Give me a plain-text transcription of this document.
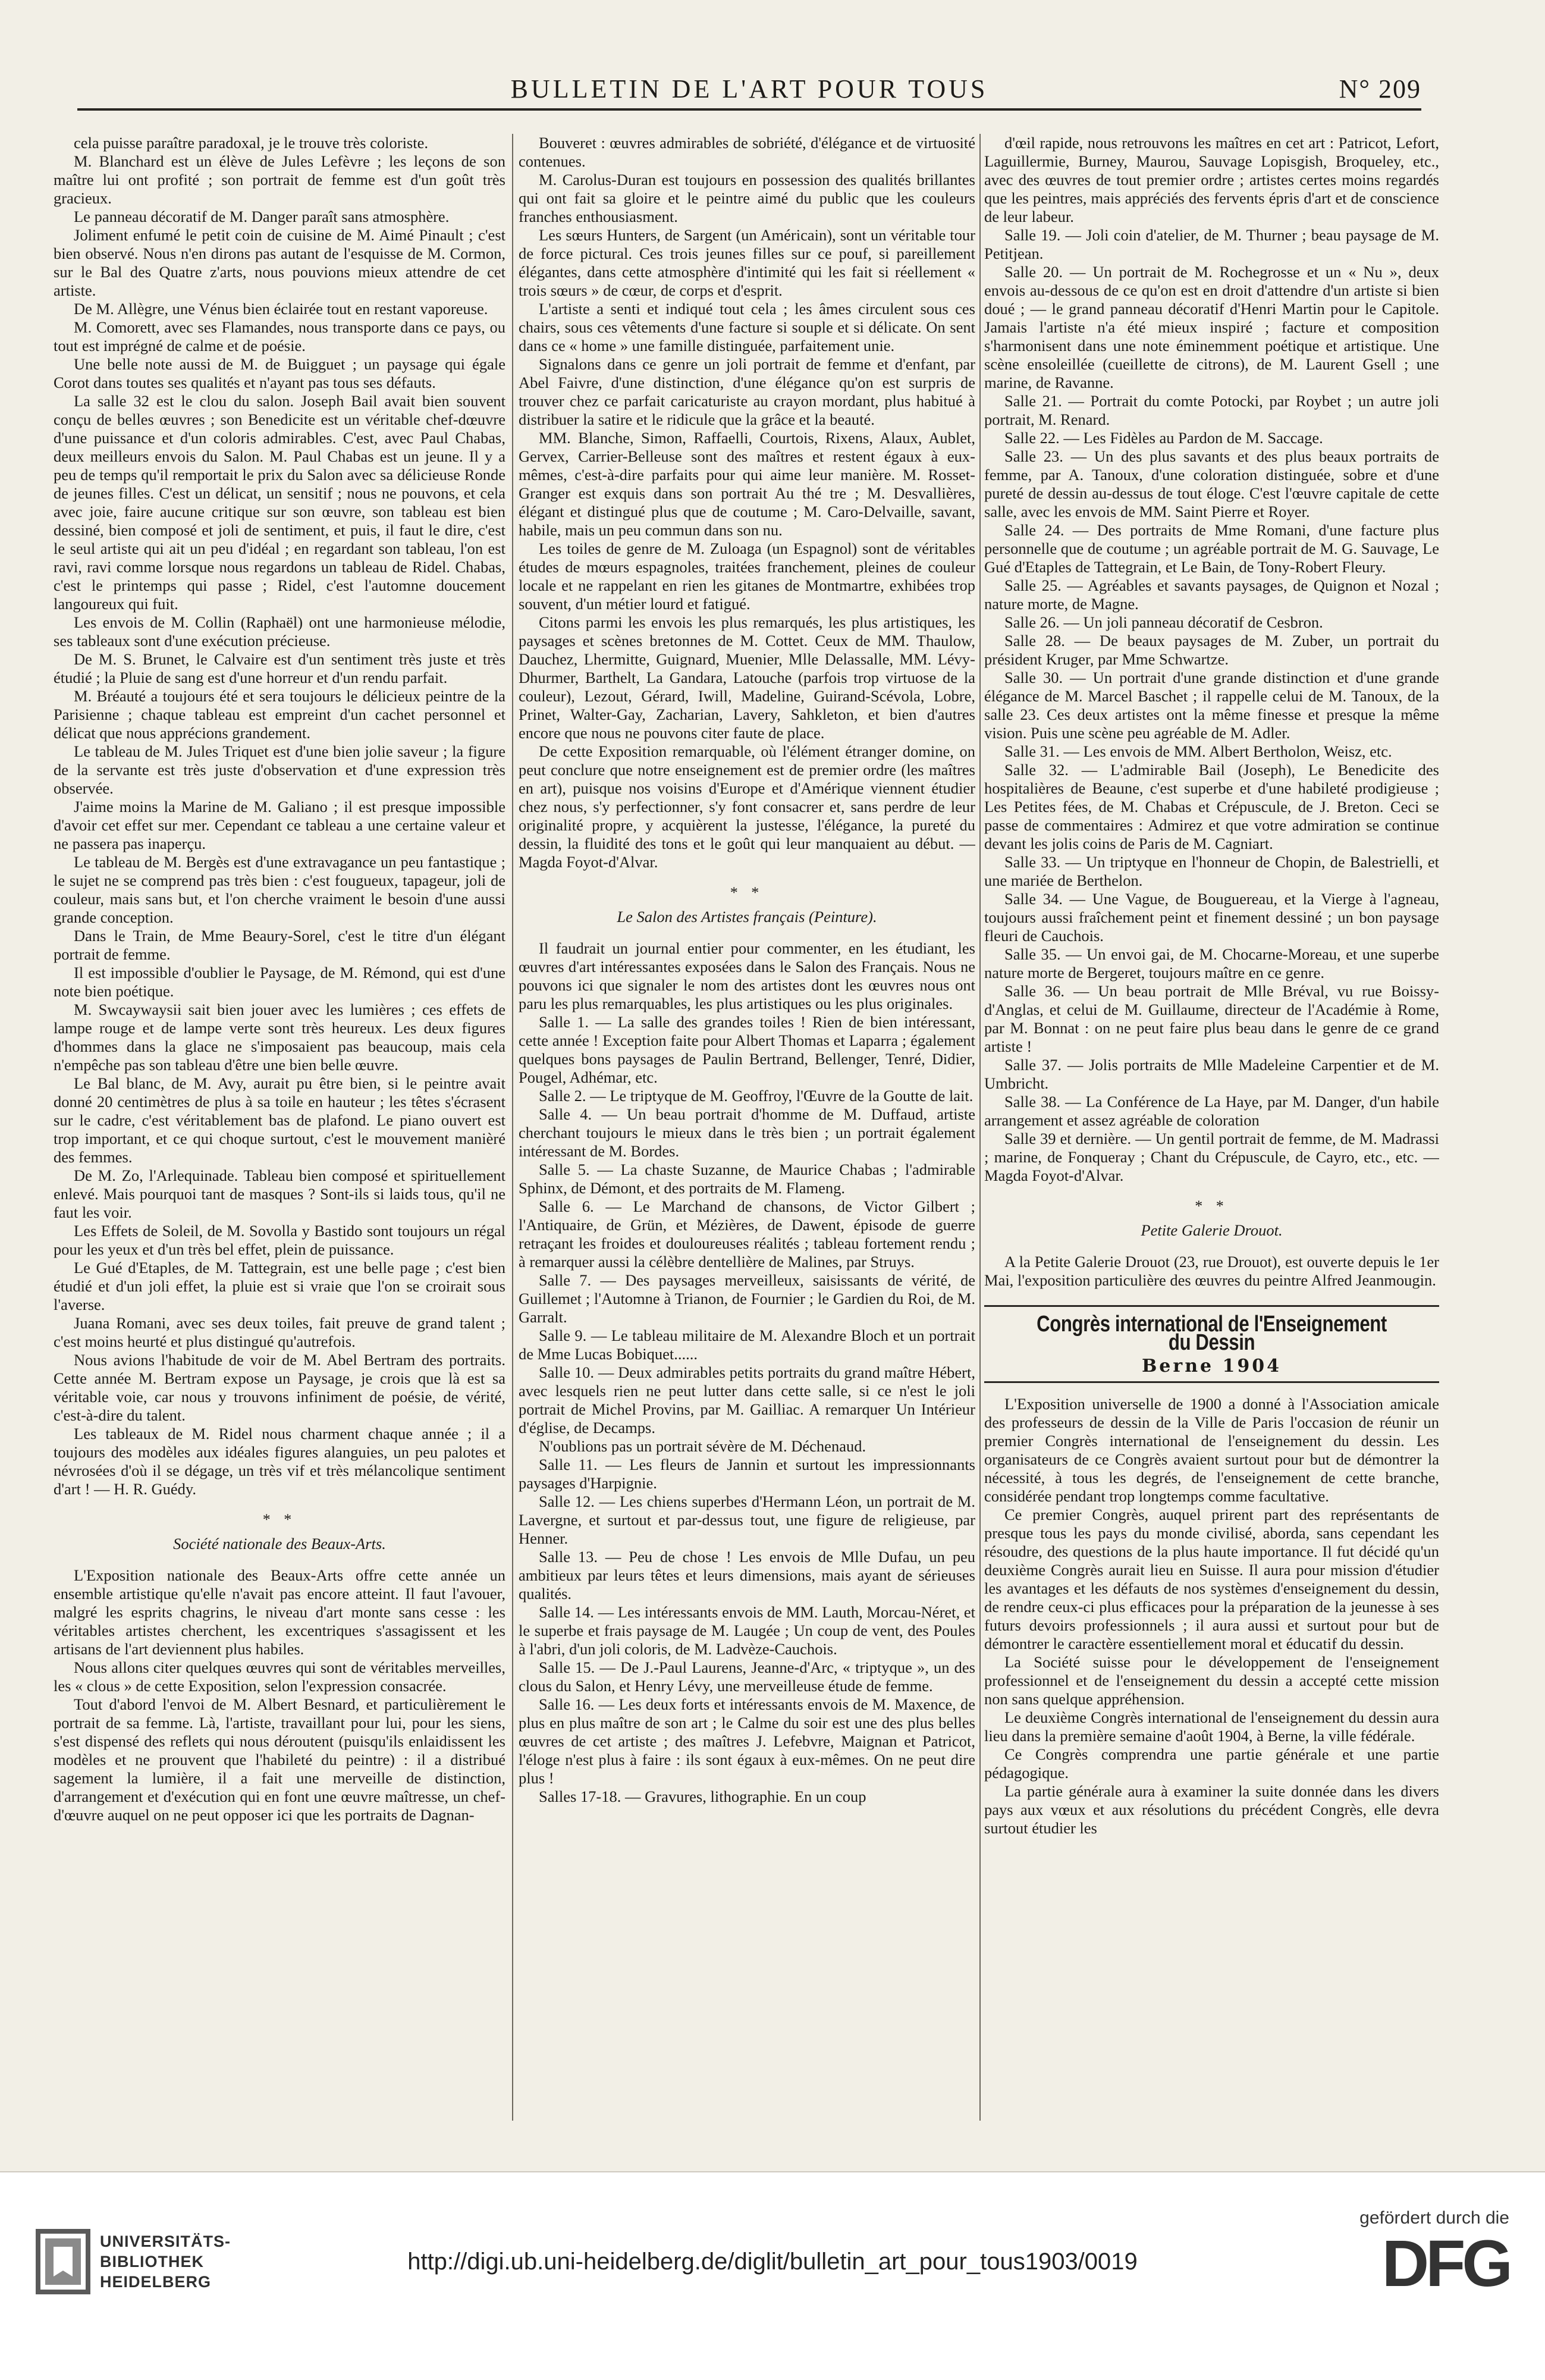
BULLETIN DE L'ART POUR TOUS	N° 209

cela puisse paraître paradoxal, je le trouve très coloriste.

M. Blanchard est un élève de Jules Lefèvre ; les leçons de son maître lui ont profité ; son portrait de femme est d'un goût très gracieux.

Le panneau décoratif de M. Danger paraît sans atmosphère.

Joliment enfumé le petit coin de cuisine de M. Aimé Pinault ; c'est bien observé. Nous n'en dirons pas autant de l'esquisse de M. Cormon, sur le Bal des Quatre z'arts, nous pouvions mieux attendre de cet artiste.

De M. Allègre, une Vénus bien éclairée tout en restant vaporeuse.

M. Comorett, avec ses Flamandes, nous transporte dans ce pays, ou tout est imprégné de calme et de poésie.

Une belle note aussi de M. de Buigguet ; un paysage qui égale Corot dans toutes ses qualités et n'ayant pas tous ses défauts.

La salle 32 est le clou du salon. Joseph Bail avait bien souvent conçu de belles œuvres ; son Benedicite est un véritable chef-dœuvre d'une puissance et d'un coloris admirables. C'est, avec Paul Chabas, deux meilleurs envois du Salon. M. Paul Chabas est un jeune. Il y a peu de temps qu'il remportait le prix du Salon avec sa délicieuse Ronde de jeunes filles. C'est un délicat, un sensitif ; nous ne pouvons, et cela avec joie, faire aucune critique sur son œuvre, son tableau est bien dessiné, bien composé et joli de sentiment, et puis, il faut le dire, c'est le seul artiste qui ait un peu d'idéal ; en regardant son tableau, l'on est ravi, ravi comme lorsque nous regardons un tableau de Ridel. Chabas, c'est le printemps qui passe ; Ridel, c'est l'automne doucement langoureux qui fuit.

Les envois de M. Collin (Raphaël) ont une harmonieuse mélodie, ses tableaux sont d'une exécution précieuse.

De M. S. Brunet, le Calvaire est d'un sentiment très juste et très étudié ; la Pluie de sang est d'une horreur et d'un rendu parfait.

M. Bréauté a toujours été et sera toujours le délicieux peintre de la Parisienne ; chaque tableau est empreint d'un cachet personnel et délicat que nous apprécions grandement.

Le tableau de M. Jules Triquet est d'une bien jolie saveur ; la figure de la servante est très juste d'observation et d'une expression très observée.

J'aime moins la Marine de M. Galiano ; il est presque impossible d'avoir cet effet sur mer. Cependant ce tableau a une certaine valeur et ne passera pas inaperçu.

Le tableau de M. Bergès est d'une extravagance un peu fantastique ; le sujet ne se comprend pas très bien : c'est fougueux, tapageur, joli de couleur, mais sans but, et l'on cherche vraiment le besoin d'une aussi grande conception.

Dans le Train, de Mme Beaury-Sorel, c'est le titre d'un élégant portrait de femme.

Il est impossible d'oublier le Paysage, de M. Rémond, qui est d'une note bien poétique.

M. Swcaywaysii sait bien jouer avec les lumières ; ces effets de lampe rouge et de lampe verte sont très heureux. Les deux figures d'hommes dans la glace ne s'imposaient pas beaucoup, mais cela n'empêche pas son tableau d'être une bien belle œuvre.

Le Bal blanc, de M. Avy, aurait pu être bien, si le peintre avait donné 20 centimètres de plus à sa toile en hauteur ; les têtes s'écrasent sur le cadre, c'est véritablement bas de plafond. Le piano ouvert est trop important, et ce qui choque surtout, c'est le mouvement manièré des femmes.

De M. Zo, l'Arlequinade. Tableau bien composé et spirituellement enlevé. Mais pourquoi tant de masques ? Sont-ils si laids tous, qu'il ne faut les voir.

Les Effets de Soleil, de M. Sovolla y Bastido sont toujours un régal pour les yeux et d'un très bel effet, plein de puissance.

Le Gué d'Etaples, de M. Tattegrain, est une belle page ; c'est bien étudié et d'un joli effet, la pluie est si vraie que l'on se croirait sous l'averse.

Juana Romani, avec ses deux toiles, fait preuve de grand talent ; c'est moins heurté et plus distingué qu'autrefois.

Nous avions l'habitude de voir de M. Abel Bertram des portraits. Cette année M. Bertram expose un Paysage, je crois que là est sa véritable voie, car nous y trouvons infiniment de poésie, de vérité, c'est-à-dire du talent.

Les tableaux de M. Ridel nous charment chaque année ; il a toujours des modèles aux idéales figures alanguies, un peu palotes et névrosées d'où il se dégage, un très vif et très mélancolique sentiment d'art ! — H. R. Guédy.

* *
Société nationale des Beaux-Arts.

L'Exposition nationale des Beaux-Arts offre cette année un ensemble artistique qu'elle n'avait pas encore atteint. Il faut l'avouer, malgré les esprits chagrins, le niveau d'art monte sans cesse : les véritables artistes cherchent, les excentriques s'assagissent et les artisans de l'art deviennent plus habiles.

Nous allons citer quelques œuvres qui sont de véritables merveilles, les « clous » de cette Exposition, selon l'expression consacrée.

Tout d'abord l'envoi de M. Albert Besnard, et particulièrement le portrait de sa femme. Là, l'artiste, travaillant pour lui, pour les siens, s'est dispensé des reflets qui nous déroutent (puisqu'ils enlaidissent les modèles et ne prouvent que l'habileté du peintre) : il a distribué sagement la lumière, il a fait une merveille de distinction, d'arrangement et d'exécution qui en font une œuvre maîtresse, un chef-d'œuvre auquel on ne peut opposer ici que les portraits de Dagnan-

Bouveret : œuvres admirables de sobriété, d'élégance et de virtuosité contenues.

M. Carolus-Duran est toujours en possession des qualités brillantes qui ont fait sa gloire et le peintre aimé du public que les couleurs franches enthousiasment.

Les sœurs Hunters, de Sargent (un Américain), sont un véritable tour de force pictural. Ces trois jeunes filles sur ce pouf, si pareillement élégantes, dans cette atmosphère d'intimité qui les fait si réellement « trois sœurs » de cœur, de corps et d'esprit.

L'artiste a senti et indiqué tout cela ; les âmes circulent sous ces chairs, sous ces vêtements d'une facture si souple et si délicate. On sent dans ce « home » une famille distinguée, parfaitement unie.

Signalons dans ce genre un joli portrait de femme et d'enfant, par Abel Faivre, d'une distinction, d'une élégance qu'on est surpris de trouver chez ce parfait caricaturiste au crayon mordant, plus habitué à distribuer la satire et le ridicule que la grâce et la beauté.

MM. Blanche, Simon, Raffaelli, Courtois, Rixens, Alaux, Aublet, Gervex, Carrier-Belleuse sont des maîtres et restent égaux à eux-mêmes, c'est-à-dire parfaits pour qui aime leur manière. M. Rosset-Granger est exquis dans son portrait Au thé tre ; M. Desvallières, élégant et distingué plus que de coutume ; M. Caro-Delvaille, savant, habile, mais un peu commun dans son nu.

Les toiles de genre de M. Zuloaga (un Espagnol) sont de véritables études de mœurs espagnoles, traitées franchement, pleines de couleur locale et ne rappelant en rien les gitanes de Montmartre, exhibées trop souvent, d'un métier lourd et fatigué.

Citons parmi les envois les plus remarqués, les plus artistiques, les paysages et scènes bretonnes de M. Cottet. Ceux de MM. Thaulow, Dauchez, Lhermitte, Guignard, Muenier, Mlle Delassalle, MM. Lévy-Dhurmer, Barthelt, La Gandara, Latouche (parfois trop virtuose de la couleur), Lezout, Gérard, Iwill, Madeline, Guirand-Scévola, Lobre, Prinet, Walter-Gay, Zacharian, Lavery, Sahkleton, et bien d'autres encore que nous ne pouvons citer faute de place.

De cette Exposition remarquable, où l'élément étranger domine, on peut conclure que notre enseignement est de premier ordre (les maîtres en art), puisque nos voisins d'Europe et d'Amérique viennent étudier chez nous, s'y perfectionner, s'y font consacrer et, sans perdre de leur originalité propre, y acquièrent la justesse, l'élégance, la pureté du dessin, la fluidité des tons et le goût qui leur manquaient au début. — Magda Foyot-d'Alvar.

* *
Le Salon des Artistes français (Peinture).

Il faudrait un journal entier pour commenter, en les étudiant, les œuvres d'art intéressantes exposées dans le Salon des Français. Nous ne pouvons ici que signaler le nom des artistes dont les œuvres nous ont paru les plus remarquables, les plus artistiques ou les plus originales.

Salle 1. — La salle des grandes toiles ! Rien de bien intéressant, cette année ! Exception faite pour Albert Thomas et Laparra ; également quelques bons paysages de Paulin Bertrand, Bellenger, Tenré, Didier, Pougel, Adhémar, etc.

Salle 2. — Le triptyque de M. Geoffroy, l'Œuvre de la Goutte de lait.

Salle 4. — Un beau portrait d'homme de M. Duffaud, artiste cherchant toujours le mieux dans le très bien ; un portrait également intéressant de M. Bordes.

Salle 5. — La chaste Suzanne, de Maurice Chabas ; l'admirable Sphinx, de Démont, et des portraits de M. Flameng.

Salle 6. — Le Marchand de chansons, de Victor Gilbert ; l'Antiquaire, de Grün, et Mézières, de Dawent, épisode de guerre retraçant les froides et douloureuses réalités ; tableau fortement rendu ; à remarquer aussi la célèbre dentellière de Malines, par Struys.

Salle 7. — Des paysages merveilleux, saisissants de vérité, de Guillemet ; l'Automne à Trianon, de Fournier ; le Gardien du Roi, de M. Garralt.

Salle 9. — Le tableau militaire de M. Alexandre Bloch et un portrait de Mme Lucas Bobiquet......

Salle 10. — Deux admirables petits portraits du grand maître Hébert, avec lesquels rien ne peut lutter dans cette salle, si ce n'est le joli portrait de Michel Provins, par M. Gailliac. A remarquer Un Intérieur d'église, de Decamps.

N'oublions pas un portrait sévère de M. Déchenaud.

Salle 11. — Les fleurs de Jannin et surtout les impressionnants paysages d'Harpignie.

Salle 12. — Les chiens superbes d'Hermann Léon, un portrait de M. Lavergne, et surtout et par-dessus tout, une figure de religieuse, par Henner.

Salle 13. — Peu de chose ! Les envois de Mlle Dufau, un peu ambitieux par leurs têtes et leurs dimensions, mais ayant de sérieuses qualités.

Salle 14. — Les intéressants envois de MM. Lauth, Morcau-Néret, et le superbe et frais paysage de M. Laugée ; Un coup de vent, des Poules à l'abri, d'un joli coloris, de M. Ladvèze-Cauchois.

Salle 15. — De J.-Paul Laurens, Jeanne-d'Arc, « triptyque », un des clous du Salon, et Henry Lévy, une merveilleuse étude de femme.

Salle 16. — Les deux forts et intéressants envois de M. Maxence, de plus en plus maître de son art ; le Calme du soir est une des plus belles œuvres de cet artiste ; des maîtres J. Lefebvre, Maignan et Patricot, l'éloge n'est plus à faire : ils sont égaux à eux-mêmes. On ne peut dire plus !

Salles 17-18. — Gravures, lithographie. En un coup

d'œil rapide, nous retrouvons les maîtres en cet art : Patricot, Lefort, Laguillermie, Burney, Maurou, Sauvage Lopisgish, Broqueley, etc., avec des œuvres de tout premier ordre ; artistes certes moins regardés que les peintres, mais appréciés des fervents épris d'art et de conscience de leur labeur.

Salle 19. — Joli coin d'atelier, de M. Thurner ; beau paysage de M. Petitjean.

Salle 20. — Un portrait de M. Rochegrosse et un « Nu », deux envois au-dessous de ce qu'on est en droit d'attendre d'un artiste si bien doué ; — le grand panneau décoratif d'Henri Martin pour le Capitole. Jamais l'artiste n'a été mieux inspiré ; facture et composition s'harmonisent dans une note éminemment poétique et artistique. Une scène ensoleillée (cueillette de citrons), de M. Laurent Gsell ; une marine, de Ravanne.

Salle 21. — Portrait du comte Potocki, par Roybet ; un autre joli portrait, M. Renard.

Salle 22. — Les Fidèles au Pardon de M. Saccage.

Salle 23. — Un des plus savants et des plus beaux portraits de femme, par A. Tanoux, d'une coloration distinguée, sobre et d'une pureté de dessin au-dessus de tout éloge. C'est l'œuvre capitale de cette salle, avec les envois de MM. Saint Pierre et Royer.

Salle 24. — Des portraits de Mme Romani, d'une facture plus personnelle que de coutume ; un agréable portrait de M. G. Sauvage, Le Gué d'Etaples de Tattegrain, et Le Bain, de Tony-Robert Fleury.

Salle 25. — Agréables et savants paysages, de Quignon et Nozal ; nature morte, de Magne.

Salle 26. — Un joli panneau décoratif de Cesbron.

Salle 28. — De beaux paysages de M. Zuber, un portrait du président Kruger, par Mme Schwartze.

Salle 30. — Un portrait d'une grande distinction et d'une grande élégance de M. Marcel Baschet ; il rappelle celui de M. Tanoux, de la salle 23. Ces deux artistes ont la même finesse et presque la même vision. Puis une scène peu agréable de M. Adler.

Salle 31. — Les envois de MM. Albert Bertholon, Weisz, etc.

Salle 32. — L'admirable Bail (Joseph), Le Benedicite des hospitalières de Beaune, c'est superbe et d'une habileté prodigieuse ; Les Petites fées, de M. Chabas et Crépuscule, de J. Breton. Ceci se passe de commentaires : Admirez et que votre admiration se continue devant les jolis coins de Paris de M. Cagniart.

Salle 33. — Un triptyque en l'honneur de Chopin, de Balestrielli, et une mariée de Berthelon.

Salle 34. — Une Vague, de Bouguereau, et la Vierge à l'agneau, toujours aussi fraîchement peint et finement dessiné ; un bon paysage fleuri de Cauchois.

Salle 35. — Un envoi gai, de M. Chocarne-Moreau, et une superbe nature morte de Bergeret, toujours maître en ce genre.

Salle 36. — Un beau portrait de Mlle Bréval, vu rue Boissy-d'Anglas, et celui de M. Guillaume, directeur de l'Académie à Rome, par M. Bonnat : on ne peut faire plus beau dans le genre de ce grand artiste !

Salle 37. — Jolis portraits de Mlle Madeleine Carpentier et de M. Umbricht.

Salle 38. — La Conférence de La Haye, par M. Danger, d'un habile arrangement et assez agréable de coloration

Salle 39 et dernière. — Un gentil portrait de femme, de M. Madrassi ; marine, de Fonqueray ; Chant du Crépuscule, de Cayro, etc., etc. — Magda Foyot-d'Alvar.

* *
Petite Galerie Drouot.

A la Petite Galerie Drouot (23, rue Drouot), est ouverte depuis le 1er Mai, l'exposition particulière des œuvres du peintre Alfred Jeanmougin.

Congrès international de l'Enseignement du Dessin
Berne 1904

L'Exposition universelle de 1900 a donné à l'Association amicale des professeurs de dessin de la Ville de Paris l'occasion de réunir un premier Congrès international de l'enseignement du dessin. Les organisateurs de ce Congrès avaient surtout pour but de démontrer la nécessité, à tous les degrés, de l'enseignement de cette branche, considérée pendant trop longtemps comme facultative.

Ce premier Congrès, auquel prirent part des représentants de presque tous les pays du monde civilisé, aborda, sans cependant les résoudre, des questions de la plus haute importance. Il fut décidé qu'un deuxième Congrès aurait lieu en Suisse. Il aura pour mission d'étudier les avantages et les défauts de nos systèmes d'enseignement du dessin, de rendre ceux-ci plus efficaces pour la préparation de la jeunesse à ses futurs devoirs professionnels ; il aura aussi et surtout pour but de démontrer le caractère essentiellement moral et éducatif du dessin.

La Société suisse pour le développement de l'enseignement professionnel et de l'enseignement du dessin a accepté cette mission non sans quelque appréhension.

Le deuxième Congrès international de l'enseignement du dessin aura lieu dans la première semaine d'août 1904, à Berne, la ville fédérale.

Ce Congrès comprendra une partie générale et une partie pédagogique.

La partie générale aura à examiner la suite donnée dans les divers pays aux vœux et aux résolutions du précédent Congrès, elle devra surtout étudier les

UNIVERSITÄTS-
BIBLIOTHEK
HEIDELBERG
http://digi.ub.uni-heidelberg.de/diglit/bulletin_art_pour_tous1903/0019
gefördert durch die
DFG
